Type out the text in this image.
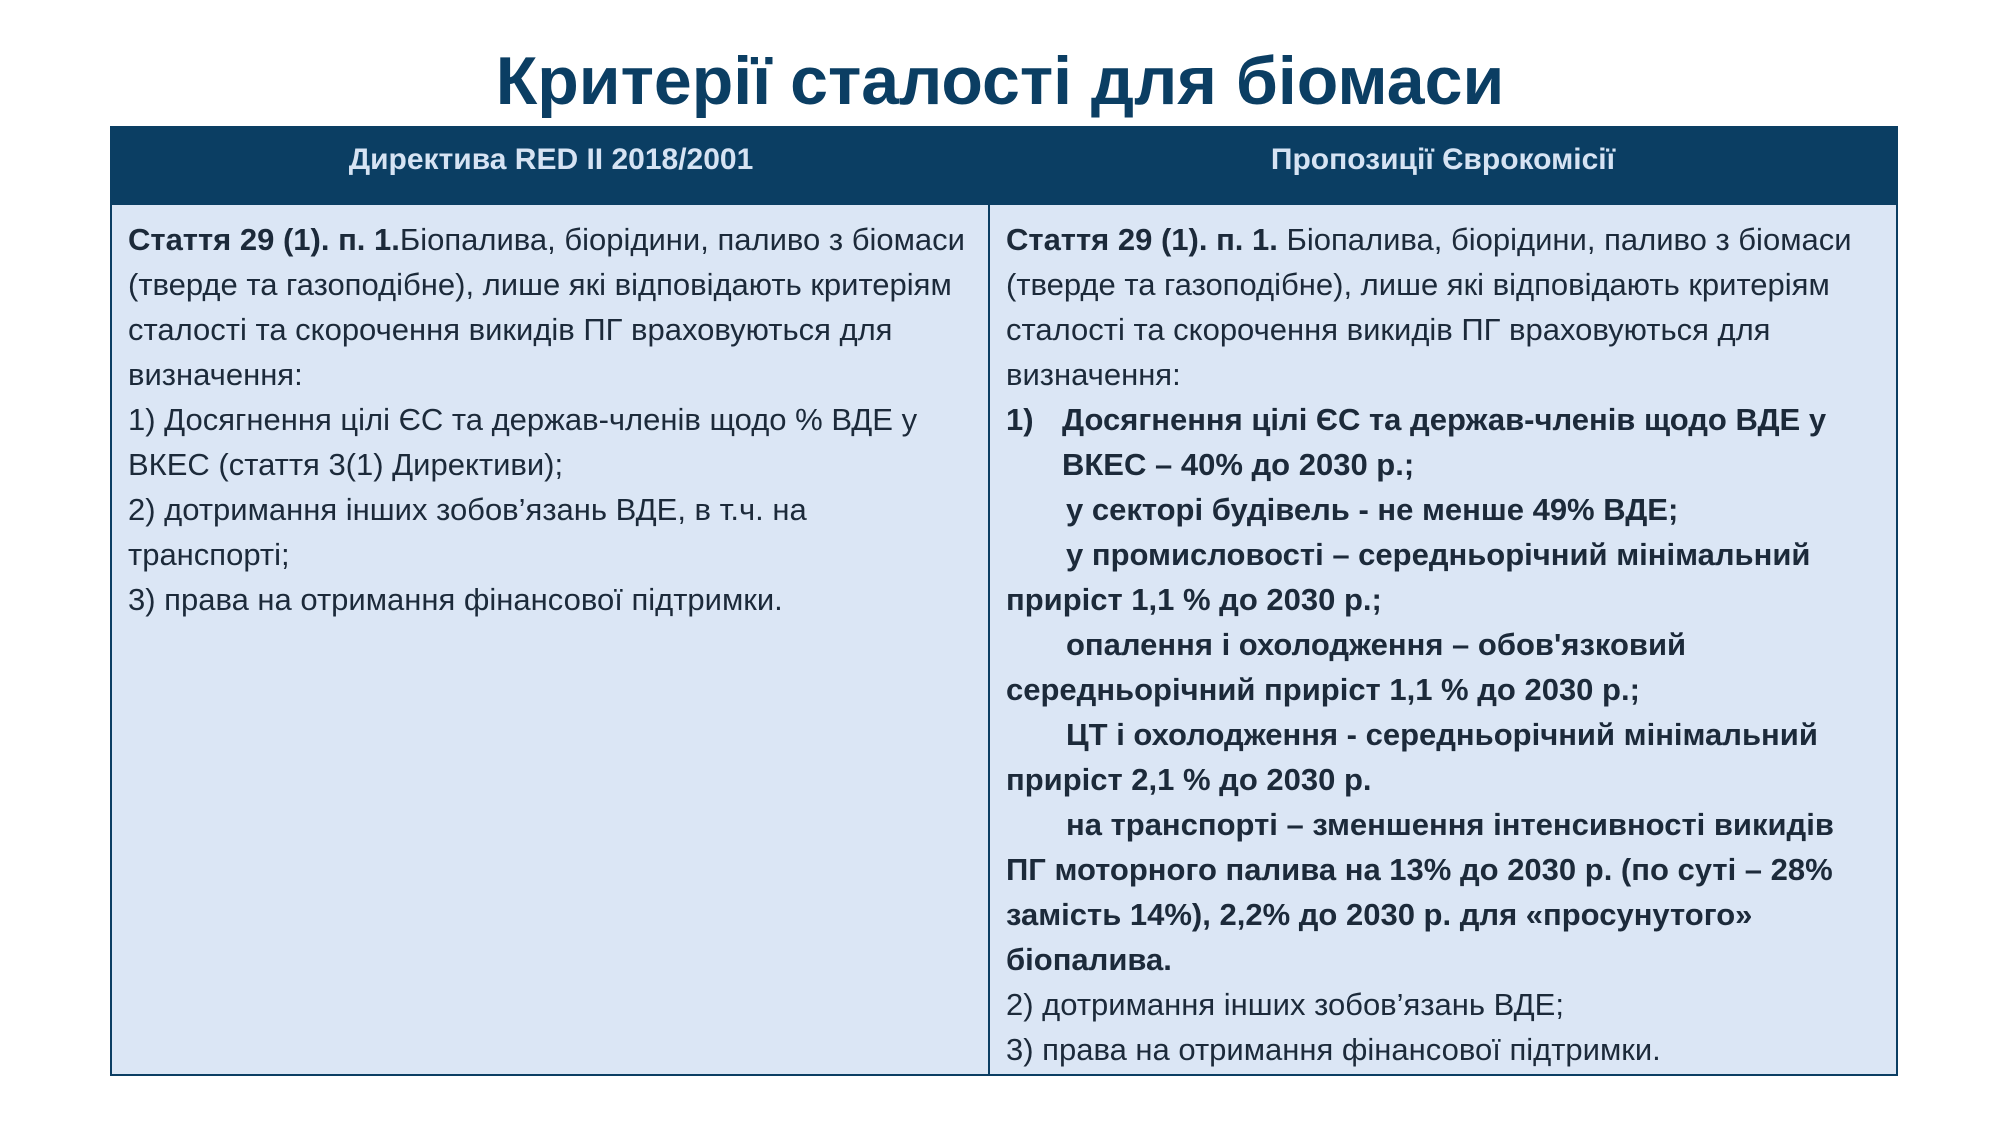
Критерії сталості для біомаси
Директива RED II 2018/2001	Пропозиції Єврокомісії

Стаття 29 (1). п. 1.Біопалива, біорідини, паливо з біомаси (тверде та газоподібне), лише які відповідають критеріям сталості та скорочення викидів ПГ враховуються для визначення:

1) Досягнення цілі ЄС та держав-членів щодо % ВДЕ у ВКЕС (стаття 3(1) Директиви);

2) дотримання інших зобов’язань ВДЕ, в т.ч. на транспорті;

3) права на отримання фінансової підтримки.

Стаття 29 (1). п. 1. Біопалива, біорідини, паливо з біомаси (тверде та газоподібне), лише які відповідають критеріям сталості та скорочення викидів ПГ враховуються для визначення:

1) Досягнення цілі ЄС та держав-членів щодо ВДЕ у ВКЕС – 40% до 2030 р.;

у секторі будівель - не менше 49% ВДЕ;

у промисловості – середньорічний мінімальний
приріст 1,1 % до 2030 р.;

опалення і охолодження – обов'язковий
середньорічний приріст 1,1 % до 2030 р.;

ЦТ і охолодження - середньорічний мінімальний
приріст 2,1 % до 2030 р.

на транспорті – зменшення інтенсивності викидів
ПГ моторного палива на 13% до 2030 р. (по суті – 28% замість 14%), 2,2% до 2030 р. для «просунутого» біопалива.

2) дотримання інших зобов’язань ВДЕ;

3) права на отримання фінансової підтримки.
